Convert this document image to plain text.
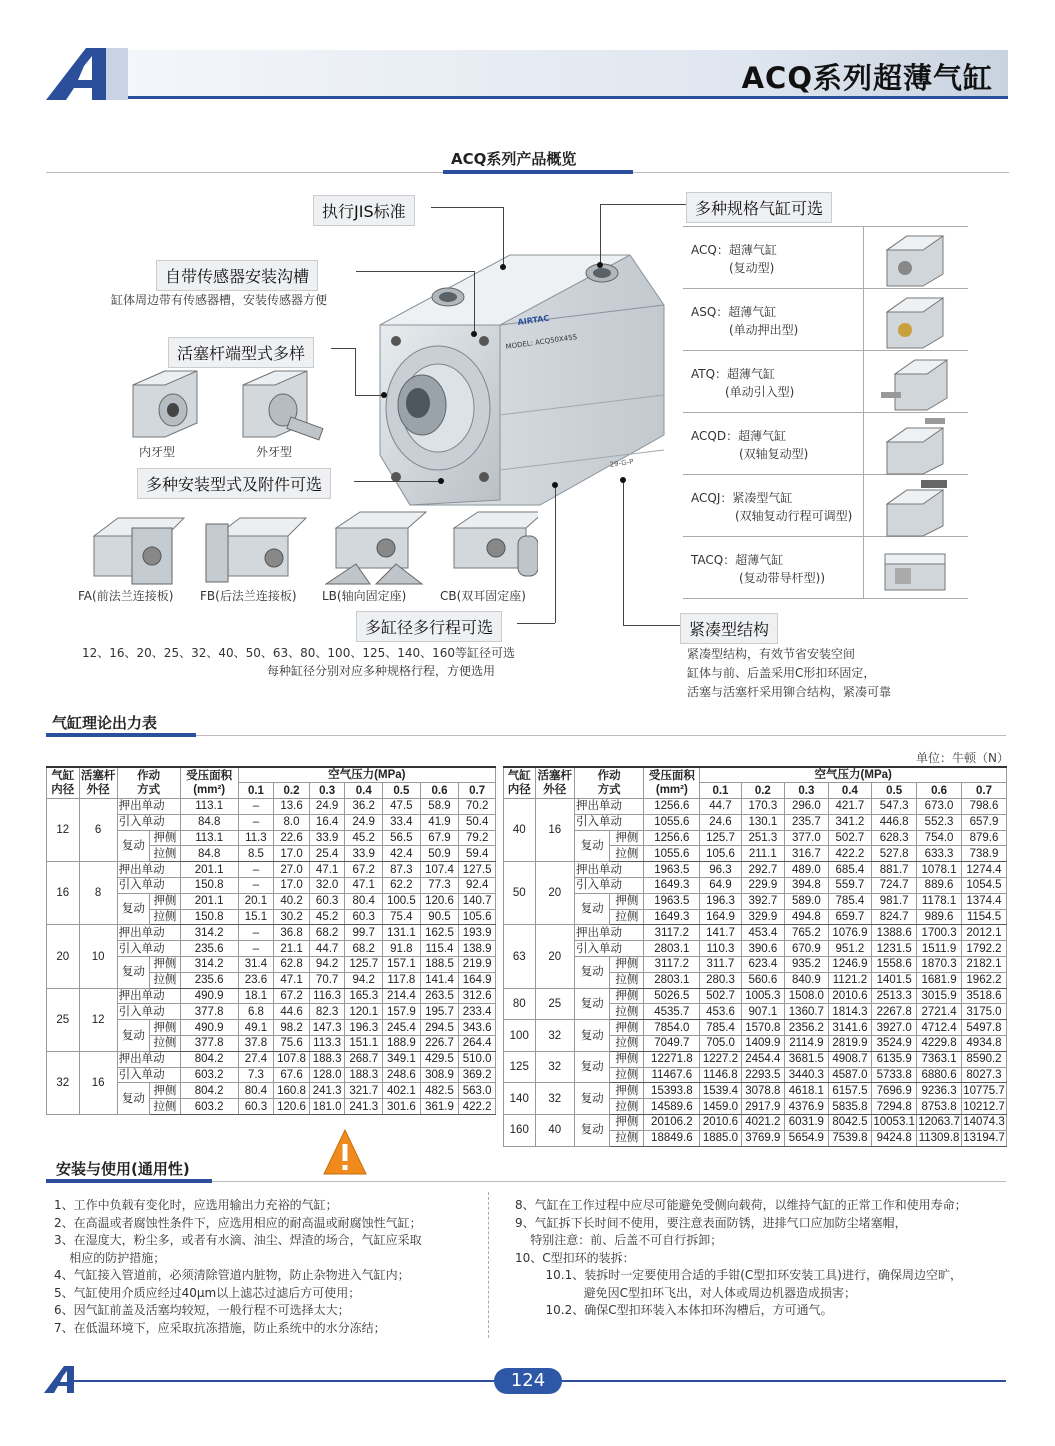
ACQ系列超薄气缸
ACQ系列产品概览
AIRTAC
MODEL: ACQ50X45S
29-G-P
执行JIS标准
自带传感器安装沟槽
缸体周边带有传感器槽，安装传感器方便
活塞杆端型式多样
内牙型	外牙型
多种安装型式及附件可选
FA(前法兰连接板) FB(后法兰连接板) LB(轴向固定座)	CB(双耳固定座)
多缸径多行程可选
12、16、20、25、32、40、50、63、80、100、125、140、160等缸径可选
每种缸径分别对应多种规格行程，方便选用
多种规格气缸可选
紧凑型结构
紧凑型结构，有效节省安装空间
缸体与前、后盖采用C形扣环固定，
活塞与活塞杆采用铆合结构，紧凑可靠
ACQ：超薄气缸
(复动型)
ASQ：超薄气缸
(单动押出型)
ATQ：超薄气缸
(单动引入型)
ACQD：超薄气缸
(双轴复动型)
ACQJ：紧凑型气缸
(双轴复动行程可调型)
TACQ：超薄气缸
(复动带导杆型))
气缸理论出力表
单位：牛顿（N）
气缸
内径	活塞杆
外径	作动
方式		受压面积
(mm²)	空气压力(MPa)						
					0.1	0.2	0.3	0.4	0.5	0.6	0.7
12	6	押出单动		113.1	–	13.6	24.9	36.2	47.5	58.9	70.2
		引入单动		84.8	–	8.0	16.4	24.9	33.4	41.9	50.4
		复动	押侧	113.1	11.3	22.6	33.9	45.2	56.5	67.9	79.2
			拉侧	84.8	8.5	17.0	25.4	33.9	42.4	50.9	59.4
16	8	押出单动		201.1	–	27.0	47.1	67.2	87.3	107.4	127.5
		引入单动		150.8	–	17.0	32.0	47.1	62.2	77.3	92.4
		复动	押侧	201.1	20.1	40.2	60.3	80.4	100.5	120.6	140.7
			拉侧	150.8	15.1	30.2	45.2	60.3	75.4	90.5	105.6
20	10	押出单动		314.2	–	36.8	68.2	99.7	131.1	162.5	193.9
		引入单动		235.6	–	21.1	44.7	68.2	91.8	115.4	138.9
		复动	押侧	314.2	31.4	62.8	94.2	125.7	157.1	188.5	219.9
			拉侧	235.6	23.6	47.1	70.7	94.2	117.8	141.4	164.9
25	12	押出单动		490.9	18.1	67.2	116.3	165.3	214.4	263.5	312.6
		引入单动		377.8	6.8	44.6	82.3	120.1	157.9	195.7	233.4
		复动	押侧	490.9	49.1	98.2	147.3	196.3	245.4	294.5	343.6
			拉侧	377.8	37.8	75.6	113.3	151.1	188.9	226.7	264.4
32	16	押出单动		804.2	27.4	107.8	188.3	268.7	349.1	429.5	510.0
		引入单动		603.2	7.3	67.6	128.0	188.3	248.6	308.9	369.2
		复动	押侧	804.2	80.4	160.8	241.3	321.7	402.1	482.5	563.0
			拉侧	603.2	60.3	120.6	181.0	241.3	301.6	361.9	422.2
气缸
内径	活塞杆
外径	作动
方式		受压面积
(mm²)	空气压力(MPa)						
					0.1	0.2	0.3	0.4	0.5	0.6	0.7
40	16	押出单动		1256.6	44.7	170.3	296.0	421.7	547.3	673.0	798.6
		引入单动		1055.6	24.6	130.1	235.7	341.2	446.8	552.3	657.9
		复动	押侧	1256.6	125.7	251.3	377.0	502.7	628.3	754.0	879.6
			拉侧	1055.6	105.6	211.1	316.7	422.2	527.8	633.3	738.9
50	20	押出单动		1963.5	96.3	292.7	489.0	685.4	881.7	1078.1	1274.4
		引入单动		1649.3	64.9	229.9	394.8	559.7	724.7	889.6	1054.5
		复动	押侧	1963.5	196.3	392.7	589.0	785.4	981.7	1178.1	1374.4
			拉侧	1649.3	164.9	329.9	494.8	659.7	824.7	989.6	1154.5
63	20	押出单动		3117.2	141.7	453.4	765.2	1076.9	1388.6	1700.3	2012.1
		引入单动		2803.1	110.3	390.6	670.9	951.2	1231.5	1511.9	1792.2
		复动	押侧	3117.2	311.7	623.4	935.2	1246.9	1558.6	1870.3	2182.1
			拉侧	2803.1	280.3	560.6	840.9	1121.2	1401.5	1681.9	1962.2
80	25	复动	押侧	5026.5	502.7	1005.3	1508.0	2010.6	2513.3	3015.9	3518.6
			拉侧	4535.7	453.6	907.1	1360.7	1814.3	2267.8	2721.4	3175.0
100	32	复动	押侧	7854.0	785.4	1570.8	2356.2	3141.6	3927.0	4712.4	5497.8
			拉侧	7049.7	705.0	1409.9	2114.9	2819.9	3524.9	4229.8	4934.8
125	32	复动	押侧	12271.8	1227.2	2454.4	3681.5	4908.7	6135.9	7363.1	8590.2
			拉侧	11467.6	1146.8	2293.5	3440.3	4587.0	5733.8	6880.6	8027.3
140	32	复动	押侧	15393.8	1539.4	3078.8	4618.1	6157.5	7696.9	9236.3	10775.7
			拉侧	14589.6	1459.0	2917.9	4376.9	5835.8	7294.8	8753.8	10212.7
160	40	复动	押侧	20106.2	2010.6	4021.2	6031.9	8042.5	10053.1	12063.7	14074.3
			拉侧	18849.6	1885.0	3769.9	5654.9	7539.8	9424.8	11309.8	13194.7
安装与使用(通用性)
1、工作中负载有变化时，应选用输出力充裕的气缸；
2、在高温或者腐蚀性条件下，应选用相应的耐高温或耐腐蚀性气缸；
3、在湿度大，粉尘多，或者有水滴、油尘、焊渣的场合，气缸应采取
相应的防护措施；
4、气缸接入管道前，必须清除管道内脏物，防止杂物进入气缸内；
5、气缸使用介质应经过40μm以上滤芯过滤后方可使用；
6、因气缸前盖及活塞均较短，一般行程不可选择太大；
7、在低温环境下，应采取抗冻措施，防止系统中的水分冻结；
8、气缸在工作过程中应尽可能避免受侧向载荷，以维持气缸的正常工作和使用寿命；
9、气缸拆下长时间不使用，要注意表面防锈，进排气口应加防尘堵塞帽，
特别注意：前、后盖不可自行拆卸；
10、C型扣环的装拆：
10.1、装拆时一定要使用合适的手钳(C型扣环安装工具)进行，确保周边空旷，
避免因C型扣环飞出，对人体或周边机器造成损害；
10.2、确保C型扣环装入本体扣环沟槽后，方可通气。
124
